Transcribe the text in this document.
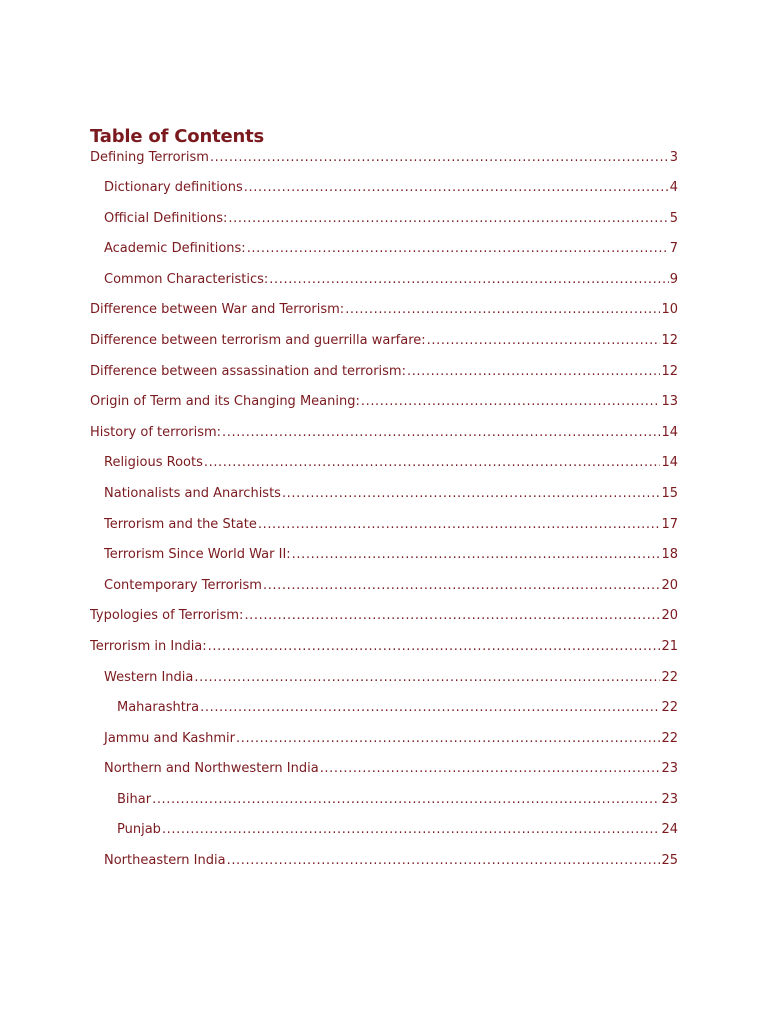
Table of Contents
Defining Terrorism .....	3
Dictionary definitions .....	4
Official Definitions: .....	5
Academic Definitions: .....	7
Common Characteristics: .....	9
Difference between War and Terrorism: .....	10
Difference between terrorism and guerrilla warfare: .....	12
Difference between assassination and terrorism: .....	12
Origin of Term and its Changing Meaning: .....	13
History of terrorism: .....	14
Religious Roots .....	14
Nationalists and Anarchists .....	15
Terrorism and the State .....	17
Terrorism Since World War II: .....	18
Contemporary Terrorism .....	20
Typologies of Terrorism: .....	20
Terrorism in India: .....	21
Western India .....	22
Maharashtra .....	22
Jammu and Kashmir .....	22
Northern and Northwestern India .....	23
Bihar .....	23
Punjab .....	24
Northeastern India .....	25
